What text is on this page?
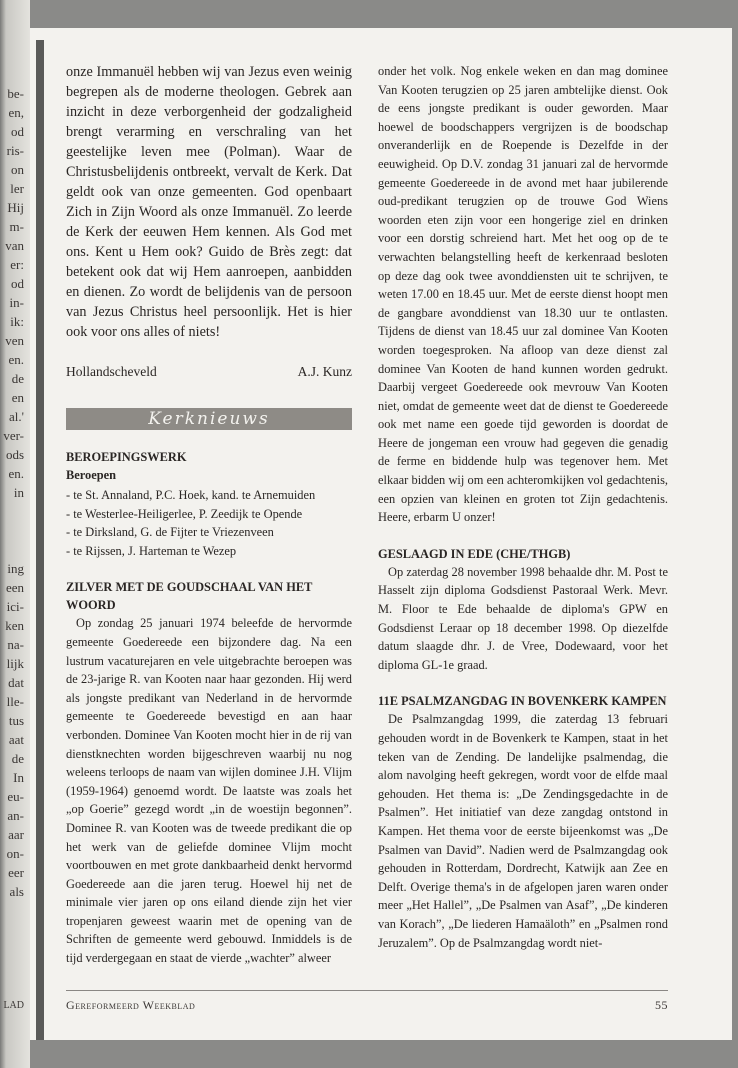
be-
en,
od
ris-
on
ler
Hij
m-
van
er:
od
in-
ik:
ven
en.
de
en
al.'
ver-
ods
en.
in
ing
een
ici-
ken
na-
lijk
dat
lle-
tus
aat
de
In
eu-
an-
aar
on-
eer
als
LAD

onze Immanuël hebben wij van Jezus even weinig begrepen als de moderne theologen. Gebrek aan inzicht in deze verborgenheid der godzaligheid brengt verarming en verschraling van het geestelijke leven mee (Polman). Waar de Christusbelijdenis ontbreekt, vervalt de Kerk. Dat geldt ook van onze gemeenten. God openbaart Zich in Zijn Woord als onze Immanuël. Zo leerde de Kerk der eeuwen Hem kennen. Als God met ons. Kent u Hem ook? Guido de Brès zegt: dat betekent ook dat wij Hem aanroepen, aanbidden en dienen. Zo wordt de belijdenis van de persoon van Jezus Christus heel persoonlijk. Het is hier ook voor ons alles of niets!

Hollandscheveld	A.J. Kunz
Kerknieuws
BEROEPINGSWERK
Beroepen
- te St. Annaland, P.C. Hoek, kand. te Arnemuiden
- te Westerlee-Heiligerlee, P. Zeedijk te Opende
- te Dirksland, G. de Fijter te Vriezenveen
- te Rijssen, J. Harteman te Wezep
ZILVER MET DE GOUDSCHAAL VAN HET WOORD

Op zondag 25 januari 1974 beleefde de hervormde gemeente Goedereede een bijzondere dag. Na een lustrum vacaturejaren en vele uitgebrachte beroepen was de 23-jarige R. van Kooten naar haar gezonden. Hij werd als jongste predikant van Nederland in de hervormde gemeente te Goedereede bevestigd en aan haar verbonden. Dominee Van Kooten mocht hier in de rij van dienstknechten worden bijgeschreven waarbij nu nog weleens terloops de naam van wijlen dominee J.H. Vlijm (1959-1964) genoemd wordt. De laatste was zoals het „op Goerie” gezegd wordt „in de woestijn begonnen”. Dominee R. van Kooten was de tweede predikant die op het werk van de geliefde dominee Vlijm mocht voortbouwen en met grote dankbaarheid denkt hervormd Goedereede aan die jaren terug. Hoewel hij net de minimale vier jaren op ons eiland diende zijn het vier tropenjaren geweest waarin met de opening van de Schriften de gemeente werd gebouwd. Inmiddels is de tijd verdergegaan en staat de vierde „wachter” alweer

onder het volk. Nog enkele weken en dan mag dominee Van Kooten terugzien op 25 jaren ambtelijke dienst. Ook de eens jongste predikant is ouder geworden. Maar hoewel de boodschappers vergrijzen is de boodschap onveranderlijk en de Roepende is Dezelfde in der eeuwigheid. Op D.V. zondag 31 januari zal de hervormde gemeente Goedereede in de avond met haar jubilerende oud-predikant terugzien op de trouwe God Wiens woorden eten zijn voor een hongerige ziel en drinken voor een dorstig schreiend hart. Met het oog op de te verwachten belangstelling heeft de kerkenraad besloten op deze dag ook twee avonddiensten uit te schrijven, te weten 17.00 en 18.45 uur. Met de eerste dienst hoopt men de gangbare avonddienst van 18.30 uur te ontlasten. Tijdens de dienst van 18.45 uur zal dominee Van Kooten worden toegesproken. Na afloop van deze dienst zal dominee Van Kooten de hand kunnen worden gedrukt. Daarbij vergeet Goedereede ook mevrouw Van Kooten niet, omdat de gemeente weet dat de dienst te Goedereede ook met name een goede tijd geworden is doordat de Heere de jongeman een vrouw had gegeven die genadig de ferme en biddende hulp was tegenover hem. Met elkaar bidden wij om een achteromkijken vol gedachtenis, een opzien van kleinen en groten tot Zijn gedachtenis. Heere, erbarm U onzer!

GESLAAGD IN EDE (CHE/THGB)

Op zaterdag 28 november 1998 behaalde dhr. M. Post te Hasselt zijn diploma Godsdienst Pastoraal Werk. Mevr. M. Floor te Ede behaalde de diploma's GPW en Godsdienst Leraar op 18 december 1998. Op diezelfde datum slaagde dhr. J. de Vree, Dodewaard, voor het diploma GL-1e graad.

11E PSALMZANGDAG IN BOVENKERK KAMPEN

De Psalmzangdag 1999, die zaterdag 13 februari gehouden wordt in de Bovenkerk te Kampen, staat in het teken van de Zending. De landelijke psalmendag, die alom navolging heeft gekregen, wordt voor de elfde maal gehouden. Het thema is: „De Zendingsgedachte in de Psalmen”. Het initiatief van deze zangdag ontstond in Kampen. Het thema voor de eerste bijeenkomst was „De Psalmen van David”. Nadien werd de Psalmzangdag ook gehouden in Rotterdam, Dordrecht, Katwijk aan Zee en Delft. Overige thema's in de afgelopen jaren waren onder meer „Het Hallel”, „De Psalmen van Asaf”, „De kinderen van Korach”, „De liederen Hamaäloth” en „Psalmen rond Jeruzalem”. Op de Psalmzangdag wordt niet-

Gereformeerd Weekblad	55
